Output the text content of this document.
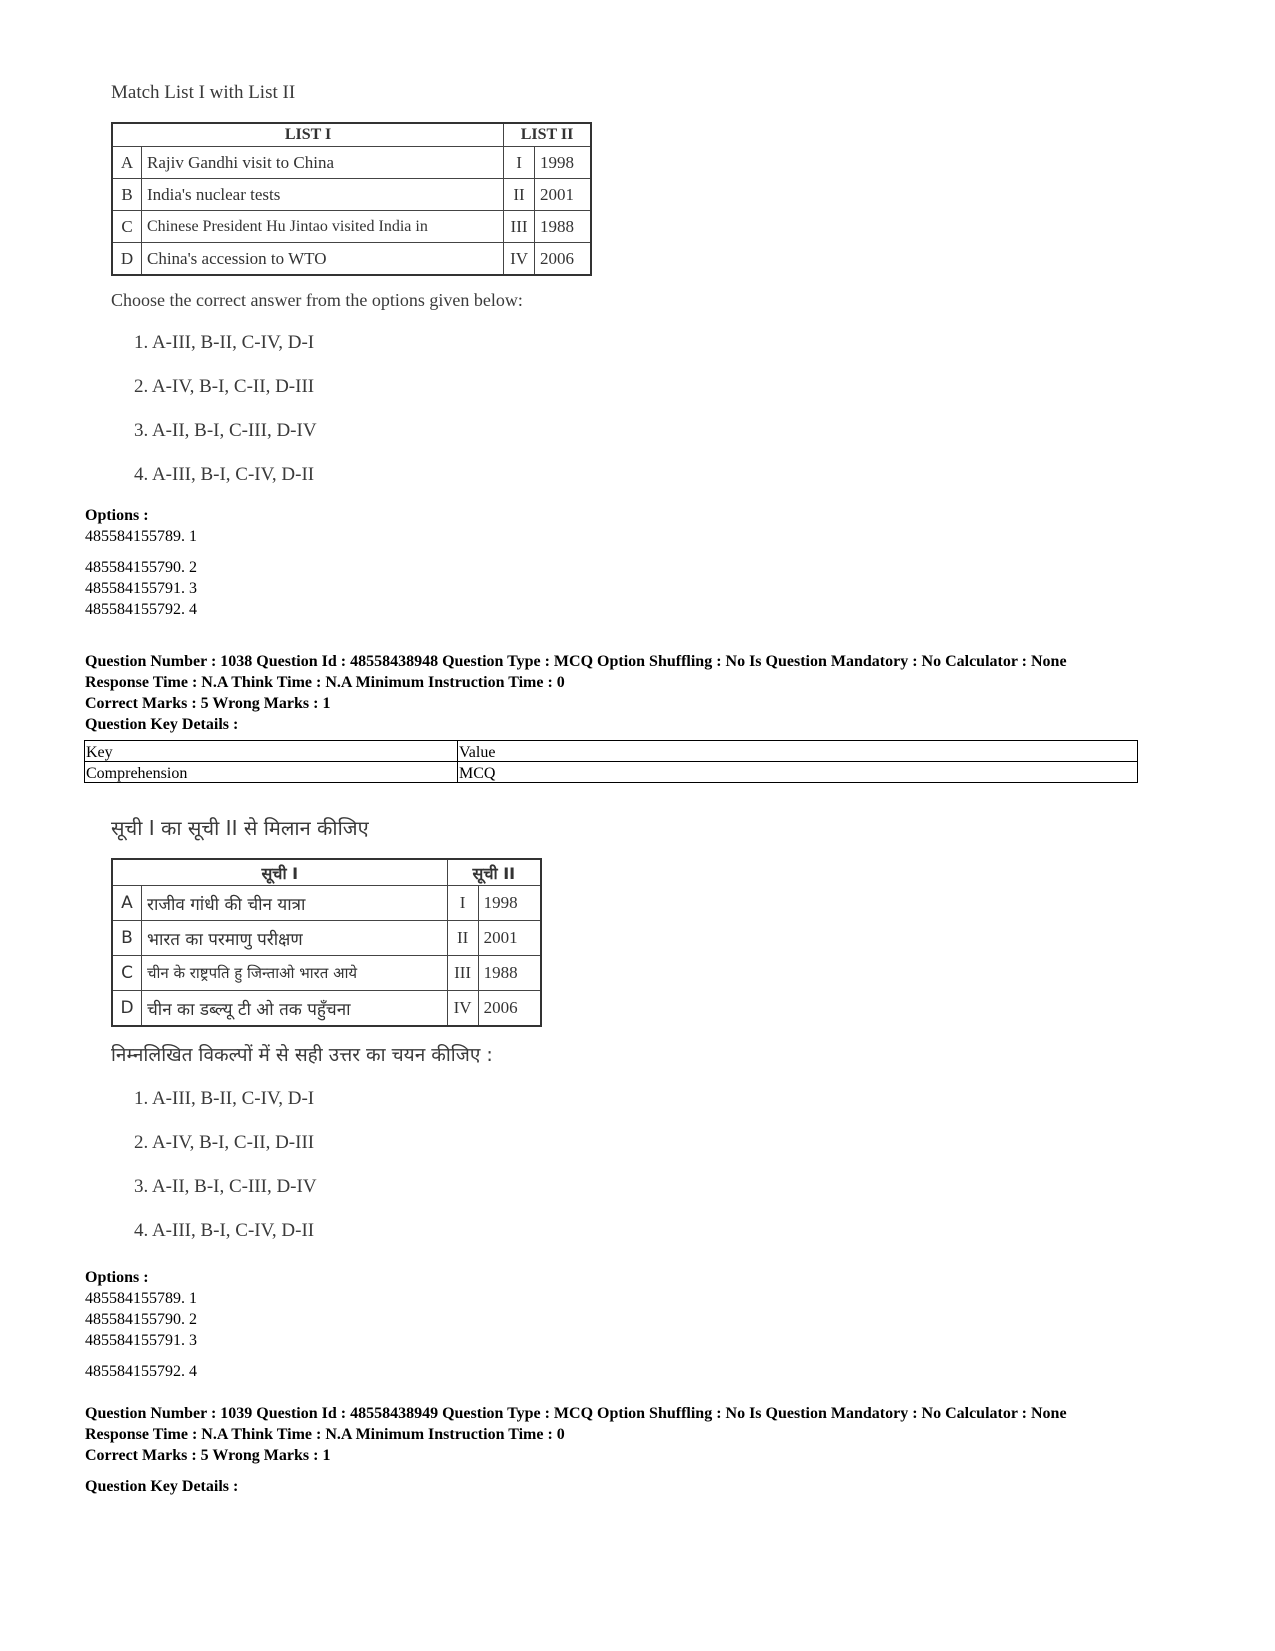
Match List I with List II
LIST I		LIST II	
A	Rajiv Gandhi visit to China	I	1998
B	India's nuclear tests	II	2001
C	Chinese President Hu Jintao visited India in	III	1988
D	China's accession to WTO	IV	2006
Choose the correct answer from the options given below:
1. A-III, B-II, C-IV, D-I
2. A-IV, B-I, C-II, D-III
3. A-II, B-I, C-III, D-IV
4. A-III, B-I, C-IV, D-II
Options :
485584155789. 1
485584155790. 2
485584155791. 3
485584155792. 4
Question Number : 1038 Question Id : 48558438948 Question Type : MCQ Option Shuffling : No Is Question Mandatory : No Calculator : None
Response Time : N.A Think Time : N.A Minimum Instruction Time : 0
Correct Marks : 5 Wrong Marks : 1
Question Key Details :
Key	Value
Comprehension	MCQ
सूची I का सूची II से मिलान कीजिए
सूची I		सूची II	
A	राजीव गांधी की चीन यात्रा	I	1998
B	भारत का परमाणु परीक्षण	II	2001
C	चीन के राष्ट्रपति हु जिन्ताओ भारत आये	III	1988
D	चीन का डब्ल्यू टी ओ तक पहुँचना	IV	2006
निम्नलिखित विकल्पों में से सही उत्तर का चयन कीजिए :
1. A-III, B-II, C-IV, D-I
2. A-IV, B-I, C-II, D-III
3. A-II, B-I, C-III, D-IV
4. A-III, B-I, C-IV, D-II
Options :
485584155789. 1
485584155790. 2
485584155791. 3
485584155792. 4
Question Number : 1039 Question Id : 48558438949 Question Type : MCQ Option Shuffling : No Is Question Mandatory : No Calculator : None
Response Time : N.A Think Time : N.A Minimum Instruction Time : 0
Correct Marks : 5 Wrong Marks : 1
Question Key Details :
